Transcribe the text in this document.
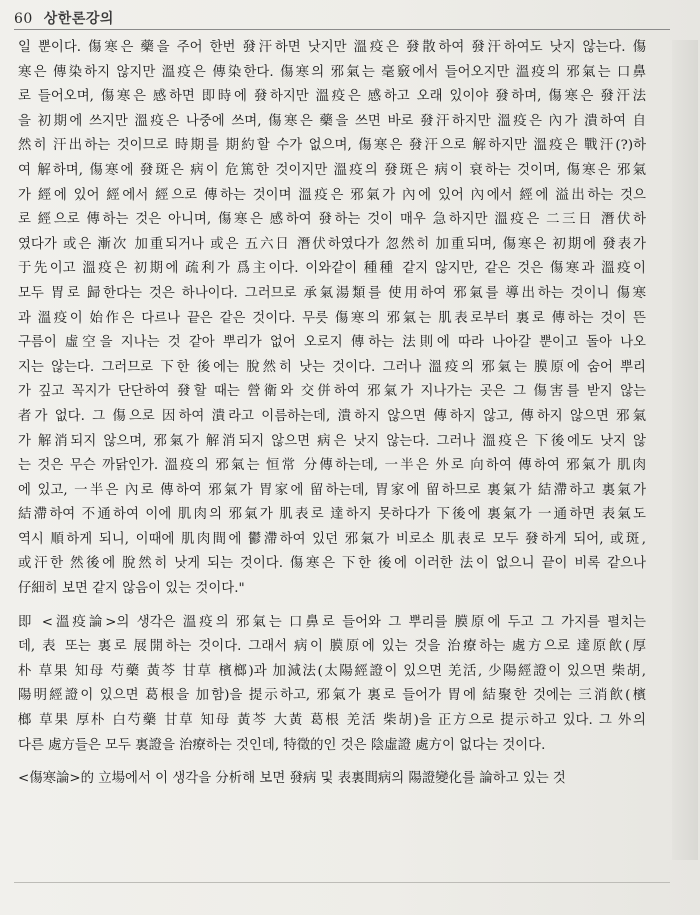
60 상한론강의
일 뿐이다. 傷寒은 藥을 주어 한번 發汗하면 낫지만 溫疫은 發散하여 發汗하여도 낫지 않는다. 傷
寒은 傳染하지 않지만 溫疫은 傳染한다. 傷寒의 邪氣는 毫竅에서 들어오지만 溫疫의 邪氣는 口鼻
로 들어오며, 傷寒은 感하면 即時에 發하지만 溫疫은 感하고 오래 있이야 發하며, 傷寒은 發汗法
을 初期에 쓰지만 溫疫은 나중에 쓰며, 傷寒은 藥을 쓰면 바로 發汗하지만 溫疫은 內가 潰하여 自
然히 汗出하는 것이므로 時期를 期約할 수가 없으며, 傷寒은 發汗으로 解하지만 溫疫은 戰汗(?)하
여 解하며, 傷寒에 發斑은 病이 危篤한 것이지만 溫疫의 發斑은 病이 衰하는 것이며, 傷寒은 邪氣
가 經에 있어 經에서 經으로 傳하는 것이며 溫疫은 邪氣가 內에 있어 內에서 經에 溢出하는 것으
로 經으로 傳하는 것은 아니며, 傷寒은 感하여 發하는 것이 매우 急하지만 溫疫은 二三日 潛伏하
였다가 或은 漸次 加重되거나 或은 五六日 潛伏하였다가 忽然히 加重되며, 傷寒은 初期에 發表가
于先이고 溫疫은 初期에 疏利가 爲主이다. 이와같이 種種 같지 않지만, 같은 것은 傷寒과 溫疫이
모두 胃로 歸한다는 것은 하나이다. 그러므로 承氣湯類를 使用하여 邪氣를 導出하는 것이니 傷寒
과 溫疫이 始作은 다르나 끝은 같은 것이다. 무릇 傷寒의 邪氣는 肌表로부터 裏로 傳하는 것이 뜬
구름이 虛空을 지나는 것 같아 뿌리가 없어 오로지 傳하는 法則에 따라 나아갈 뿐이고 돌아 나오
지는 않는다. 그러므로 下한 後에는 脫然히 낫는 것이다. 그러나 溫疫의 邪氣는 膜原에 숨어 뿌리
가 깊고 꼭지가 단단하여 發할 때는 營衛와 交併하여 邪氣가 지나가는 곳은 그 傷害를 받지 않는
者가 없다. 그 傷으로 因하여 潰라고 이름하는데, 潰하지 않으면 傳하지 않고, 傳하지 않으면 邪氣
가 解消되지 않으며, 邪氣가 解消되지 않으면 病은 낫지 않는다. 그러나 溫疫은 下後에도 낫지 않
는 것은 무슨 까닭인가. 溫疫의 邪氣는 恒常 分傳하는데, 一半은 外로 向하여 傳하여 邪氣가 肌肉
에 있고, 一半은 內로 傳하여 邪氣가 胃家에 留하는데, 胃家에 留하므로 裏氣가 結滯하고 裏氣가
結滯하여 不通하여 이에 肌肉의 邪氣가 肌表로 達하지 못하다가 下後에 裏氣가 一通하면 表氣도
역시 順하게 되니, 이때에 肌肉間에 鬱滯하여 있던 邪氣가 비로소 肌表로 모두 發하게 되어, 或斑,
或汗한 然後에 脫然히 낫게 되는 것이다. 傷寒은 下한 後에 이러한 法이 없으니 끝이 비록 같으나
仔細히 보면 같지 않음이 있는 것이다."
即 <溫疫論>의 생각은 溫疫의 邪氣는 口鼻로 들어와 그 뿌리를 膜原에 두고 그 가지를 펼치는
데, 表 또는 裏로 展開하는 것이다. 그래서 病이 膜原에 있는 것을 治療하는 處方으로 達原飮(厚
朴 草果 知母 芍藥 黃芩 甘草 檳榔)과 加減法(太陽經證이 있으면 羌活, 少陽經證이 있으면 柴胡,
陽明經證이 있으면 葛根을 加함)을 提示하고, 邪氣가 裏로 들어가 胃에 結聚한 것에는 三消飮(檳
榔 草果 厚朴 白芍藥 甘草 知母 黃芩 大黃 葛根 羌活 柴胡)을 正方으로 提示하고 있다. 그 外의
다른 處方들은 모두 裏證을 治療하는 것인데, 特徵的인 것은 陰虛證 處方이 없다는 것이다.
<傷寒論>的 立場에서 이 생각을 分析해 보면 發病 및 表裏間病의 陽證變化를 論하고 있는 것
